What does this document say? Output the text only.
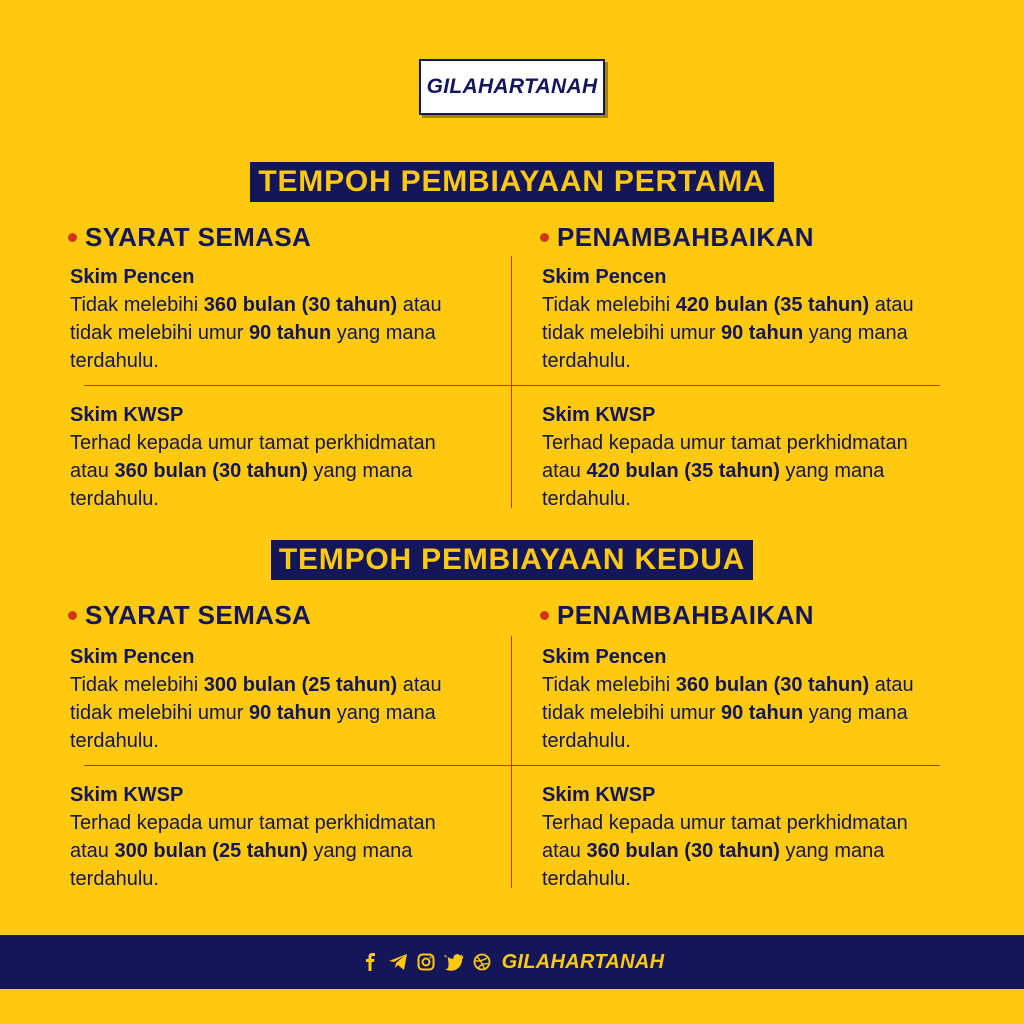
GILAHARTANAH
TEMPOH PEMBIAYAAN PERTAMA
SYARAT SEMASA	PENAMBAHBAIKAN
Skim Pencen
Tidak melebihi 360 bulan (30 tahun) atau
tidak melebihi umur 90 tahun yang mana
terdahulu.
Skim Pencen
Tidak melebihi 420 bulan (35 tahun) atau
tidak melebihi umur 90 tahun yang mana
terdahulu.
Skim KWSP
Terhad kepada umur tamat perkhidmatan
atau 360 bulan (30 tahun) yang mana
terdahulu.
Skim KWSP
Terhad kepada umur tamat perkhidmatan
atau 420 bulan (35 tahun) yang mana
terdahulu.
TEMPOH PEMBIAYAAN KEDUA
SYARAT SEMASA	PENAMBAHBAIKAN
Skim Pencen
Tidak melebihi 300 bulan (25 tahun) atau
tidak melebihi umur 90 tahun yang mana
terdahulu.
Skim Pencen
Tidak melebihi 360 bulan (30 tahun) atau
tidak melebihi umur 90 tahun yang mana
terdahulu.
Skim KWSP
Terhad kepada umur tamat perkhidmatan
atau 300 bulan (25 tahun) yang mana
terdahulu.
Skim KWSP
Terhad kepada umur tamat perkhidmatan
atau 360 bulan (30 tahun) yang mana
terdahulu.
GILAHARTANAH
